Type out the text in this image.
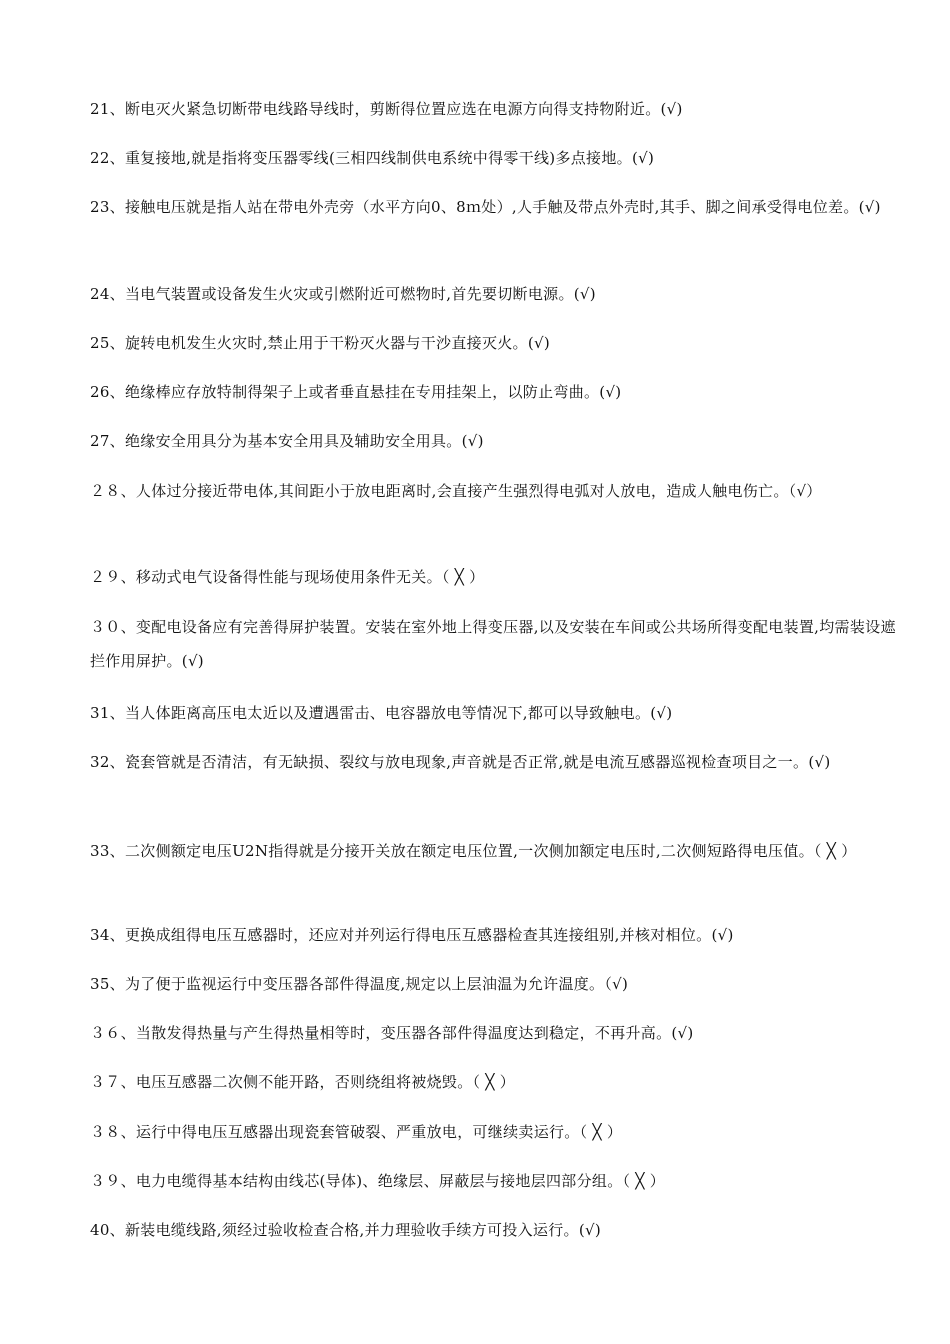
21、断电灭火紧急切断带电线路导线时，剪断得位置应选在电源方向得支持物附近。(√)
22、重复接地,就是指将变压器零线(三相四线制供电系统中得零干线)多点接地。(√)
23、接触电压就是指人站在带电外壳旁（水平方向0、8ｍ处）,人手触及带点外壳时,其手、脚之间承受得电位差。(√)
24、当电气装置或设备发生火灾或引燃附近可燃物时,首先要切断电源。(√)
25、旋转电机发生火灾时,禁止用于干粉灭火器与干沙直接灭火。(√)
26、绝缘棒应存放特制得架子上或者垂直悬挂在专用挂架上，以防止弯曲。(√)
27、绝缘安全用具分为基本安全用具及辅助安全用具。(√)
２８、人体过分接近带电体,其间距小于放电距离时,会直接产生强烈得电弧对人放电，造成人触电伤亡。（√）
２９、移动式电气设备得性能与现场使用条件无关。（ ╳ ）
３０、变配电设备应有完善得屏护装置。安装在室外地上得变压器,以及安装在车间或公共场所得变配电装置,均需装设遮拦作用屏护。(√)
31、当人体距离高压电太近以及遭遇雷击、电容器放电等情况下,都可以导致触电。(√)
32、瓷套管就是否清洁，有无缺损、裂纹与放电现象,声音就是否正常,就是电流互感器巡视检查项目之一。(√)
33、二次侧额定电压U2N指得就是分接开关放在额定电压位置,一次侧加额定电压时,二次侧短路得电压值。（ ╳ ）
34、更换成组得电压互感器时，还应对并列运行得电压互感器检查其连接组别,并核对相位。(√)
35、为了便于监视运行中变压器各部件得温度,规定以上层油温为允许温度。（√)
３６、当散发得热量与产生得热量相等时，变压器各部件得温度达到稳定，不再升高。(√)
３７、电压互感器二次侧不能开路，否则绕组将被烧毁。（ ╳ ）
３８、运行中得电压互感器出现瓷套管破裂、严重放电，可继续卖运行。（ ╳ ）
３９、电力电缆得基本结构由线芯(导体)、绝缘层、屏蔽层与接地层四部分组。（ ╳ ）
40、新装电缆线路,须经过验收检查合格,并力理验收手续方可投入运行。(√)
